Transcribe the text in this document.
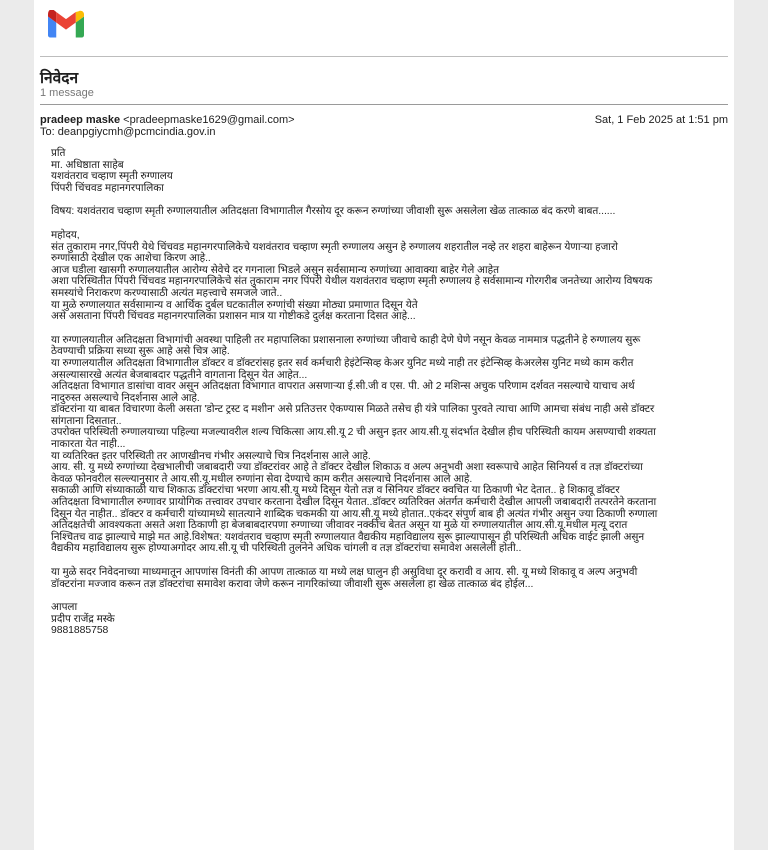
निवेदन
1 message
pradeep maske <pradeepmaske1629@gmail.com>
To: deanpgiycmh@pcmcindia.gov.in
Sat, 1 Feb 2025 at 1:51 pm

प्रति

मा. अधिष्ठाता साहेब

यशवंतराव चव्हाण स्मृती रुग्णालय

पिंपरी चिंचवड महानगरपालिका

विषय: यशवंतराव चव्हाण स्मृती रुग्णालयातील अतिदक्षता विभागातील गैरसोय दूर करून रुग्णांच्या जीवाशी सुरू असलेला खेळ तात्काळ बंद करणे बाबत......

महोदय,

संत तुकाराम नगर,पिंपरी येथे चिंचवड महानगरपालिकेचे यशवंतराव चव्हाण स्मृती रुग्णालय असुन हे रुग्णालय शहरातील नव्हे तर शहरा बाहेरून येणाऱ्या हजारो

रुग्णांसाठी देखील एक आशेचा किरण आहे..

आज घडीला खासगी रुग्णालयातील आरोग्य सेवेचे दर गगनाला भिडले असुन सर्वसामान्य रुग्णांच्या आवाक्या बाहेर गेले आहेत

अशा परिस्थितीत पिंपरी चिंचवड महानगरपालिकेचे संत तुकाराम नगर पिंपरी येथील यशवंतराव चव्हाण स्मृती रुग्णालय हे सर्वसामान्य गोरगरीब जनतेच्या आरोग्य विषयक

समस्यांचे निराकरण करण्यासाठी अत्यंत महत्त्वाचे समजले जाते..

या मुळे रुग्णालयात सर्वसामान्य व आर्थिक दुर्बल घटकातील रुग्णांची संख्या मोठ्या प्रमाणात दिसून येते

असे असताना पिंपरी चिंचवड महानगरपालिका प्रशासन मात्र या गोष्टीकडे दुर्लक्ष करताना दिसत आहे...

या रुग्णालयातील अतिदक्षता विभागांची अवस्था पाहिली तर महापालिका प्रशासनाला रुग्णांच्या जीवाचे काही देणे घेणे नसून केवळ नाममात्र पद्धतीने हे रुग्णालय सुरू

ठेवण्याची प्रक्रिया सध्या सुरू आहे असे चित्र आहे.

या रुग्णालयातील अतिदक्षता विभागातील डॉक्टर व डॉक्टरांसह इतर सर्व कर्मचारी हेइंटेन्सिव्ह केअर युनिट मध्ये नाही तर इंटेन्सिव्ह केअरलेस युनिट मध्ये काम करीत

असल्यासारखे अत्यंत बेजबाबदार पद्धतीने वागताना दिसून येत आहेत...

अतिदक्षता विभागात डासांचा वावर असुन अतिदक्षता विभागात वापरात असणाऱ्या ई.सी.जी व एस. पी. ओ 2 मशिन्स अचुक परिणाम दर्शवत नसल्याचे याचाच अर्थ

नादुरुस्त असल्याचे निदर्शनास आले आहे.

डॉक्टरांना या बाबत विचारणा केली असता 'डोन्ट ट्रस्ट द मशीन' असे प्रतिउत्तर ऐकण्यास मिळते तसेच ही यंत्रे पालिका पुरवते त्याचा आणि आमचा संबंध नाही असे डॉक्टर

सांगताना दिसतात..

उपरोक्त परिस्थिती रुग्णालयाच्या पहिल्या मजल्यावरील शल्य चिकित्सा आय.सी.यू 2 ची असुन इतर आय.सी.यू संदर्भात देखील हीच परिस्थिती कायम असण्याची शक्यता

नाकारता येत नाही...

या व्यतिरिक्त इतर परिस्थिती तर आणखीनच गंभीर असल्याचे चित्र निदर्शनास आले आहे.

आय. सी. यु मध्ये रुग्णांच्या देखभालीची जबाबदारी ज्या डॉक्टरांवर आहे ते डॉक्टर देखील शिकाऊ व अल्प अनुभवी अशा स्वरूपाचे आहेत सिनियर्स व तज्ञ डॉक्टरांच्या

केवळ फोनवरील सल्ल्यानुसार ते आय.सी.यू.मधील रुग्णांना सेवा देण्याचे काम करीत असल्याचे निदर्शनास आले आहे.

सकाळी आणि संध्याकाळी याच शिकाऊ डॉक्टरांचा भरणा आय.सी.यू मध्ये दिसून येतो तज्ञ व सिनियर डॉक्टर क्वचित या ठिकाणी भेट देतात.. हे शिकावू डॉक्टर

अतिदक्षता विभागातील रुग्णावर प्रायोगिक तत्त्वावर उपचार करताना देखील दिसून येतात..डॉक्टर व्यतिरिक्त अंतर्गत कर्मचारी देखील आपली जबाबदारी तत्परतेने करताना

दिसून येत नाहीत.. डॉक्टर व कर्मचारी यांच्यामध्ये सातत्याने शाब्दिक चकमकी या आय.सी.यू मध्ये होतात..एकंदर संपुर्ण बाब ही अत्यंत गंभीर असुन ज्या ठिकाणी रुग्णाला

अतिदक्षतेची आवश्यकता असते अशा ठिकाणी हा बेजबाबदारपणा रुग्णाच्या जीवावर नक्कीच बेतत असून या मुळे या रुग्णालयातील आय.सी.यू.मधील मृत्यू दरात

निश्चितच वाढ झाल्याचे माझे मत आहे.विशेषत: यशवंतराव चव्हाण स्मृती रुग्णालयात वैद्यकीय महाविद्यालय सुरू झाल्यापासून ही परिस्थिती अधिक वाईट झाली असुन

वैद्यकीय महाविद्यालय सुरू होण्याअगोदर आय.सी.यू ची परिस्थिती तुलनेने अधिक चांगली व तज्ञ डॉक्टरांचा समावेश असलेली होती..

या मुळे सदर निवेदनाच्या माध्यमातून आपणांस विनंती की आपण तात्काळ या मध्ये लक्ष घालुन ही असुविधा दूर करावी व आय. सी. यू मध्ये शिकावू व अल्प अनुभवी

डॉक्टरांना मज्जाव करून तज्ञ डॉक्टरांचा समावेश करावा जेणे करून नागरिकांच्या जीवाशी सुरू असलेला हा खेळ तात्काळ बंद होईल...

आपला

प्रदीप राजेंद्र मस्के

9881885758
